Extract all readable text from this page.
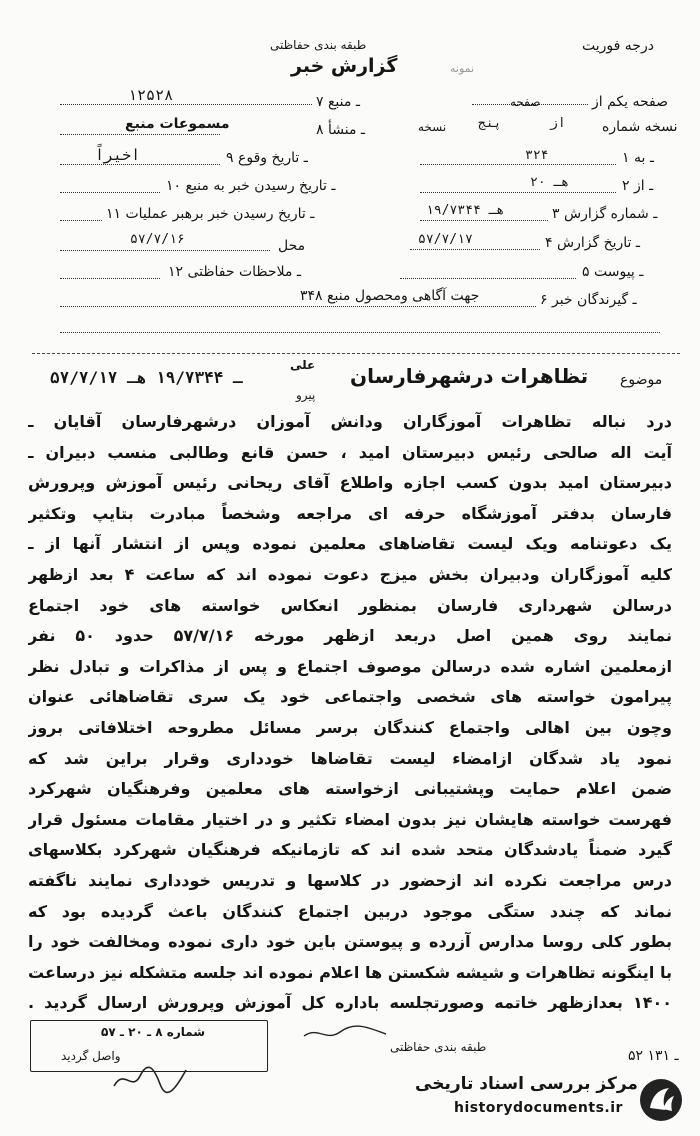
درجه فوریت
طبقه بندی حفاظتی
گزارش خبر	نمونه
صفحه یکم از
صفحه
نسخه شماره
از
پنج
نسخه
۱ ـ به
۳۲۴
۲ ـ از
۲۰ هـ
۳ ـ شماره گزارش
۱۹/۷۳۴۴ هـ
۴ ـ تاریخ گزارش
۵۷/۷/۱۷
۵ ـ پیوست
۶ ـ گیرندگان خبر
۳۴۸ جهت آگاهی ومحصول منبع
۱۲۵۲۸	۷ ـ منبع
مسموعات منبع	۸ ـ منشأ
اخیراً	۹ ـ تاریخ وقوع
۱۰ ـ تاریخ رسیدن خبر به منبع
۱۱ ـ تاریخ رسیدن خبر برهبر عملیات
۵۷/۷/۱۶	محل
۱۲ ـ ملاحظات حفاظتی
موضوع
تظاهرات درشهرفارسان
علی
پیرو
۵۷/۷/۱۷ ـ ۱۹/۷۳۴۴ هـ
درد نباله تظاهرات آموزگاران ودانش آموزان درشهرفارسان آقایان ـ
آیت اله صالحی رئیس دبیرستان امید ، حسن قانع وطالبی منسب دبیران ـ
دبیرستان امید بدون کسب اجازه واطلاع آقای ریحانی رئیس آموزش وپرورش
فارسان بدفتر آموزشگاه حرفه ای مراجعه وشخصاً مبادرت بتایپ وتکثیر
یک دعوتنامه ویک لیست تقاضاهای معلمین نموده وپس از انتشار آنها از ـ
کلیه آموزگاران ودبیران بخش میزج دعوت نموده اند که ساعت ۴ بعد ازظهر
درسالن شهرداری فارسان بمنظور انعکاس خواسته های خود اجتماع
نمایند روی همین اصل دربعد ازظهر مورخه ۵۷/۷/۱۶ حدود ۵۰ نفر
ازمعلمین اشاره شده درسالن موصوف اجتماع و پس از مذاکرات و تبادل نظر
پیرامون خواسته های شخصی واجتماعی خود یک سری تقاضاهائی عنوان
وچون بین اهالی واجتماع کنندگان برسر مسائل مطروحه اختلافاتی بروز
نمود یاد شدگان ازامضاء لیست تقاضاها خودداری وقرار براین شد که
ضمن اعلام حمایت وپشتیبانی ازخواسته های معلمین وفرهنگیان شهرکرد
فهرست خواسته هایشان نیز بدون امضاء تکثیر و در اختیار مقامات مسئول قرار
گیرد ضمناً یادشدگان متحد شده اند که تازمانیکه فرهنگیان شهرکرد بکلاسهای
درس مراجعت نکرده اند ازحضور در کلاسها و تدریس خودداری نمایند ناگفته
نماند که چندد ستگی موجود دربین اجتماع کنندگان باعث گردیده بود که
بطور کلی روسا مدارس آزرده و پیوستن باین خود داری نموده ومخالفت خود را
با اینگونه تظاهرات و شیشه شکستن ها اعلام نموده اند جلسه متشکله نیز درساعت
۱۴۰۰ بعدازظهر خاتمه وصورتجلسه باداره کل آموزش وپرورش ارسال گردید .
شماره ۸ ـ ۲۰ ـ ۵۷
واصل گردید
طبقه بندی حفاظتی
۵۲ ـ ۱۳۱
مرکز بررسی اسناد تاریخی
historydocuments.ir
